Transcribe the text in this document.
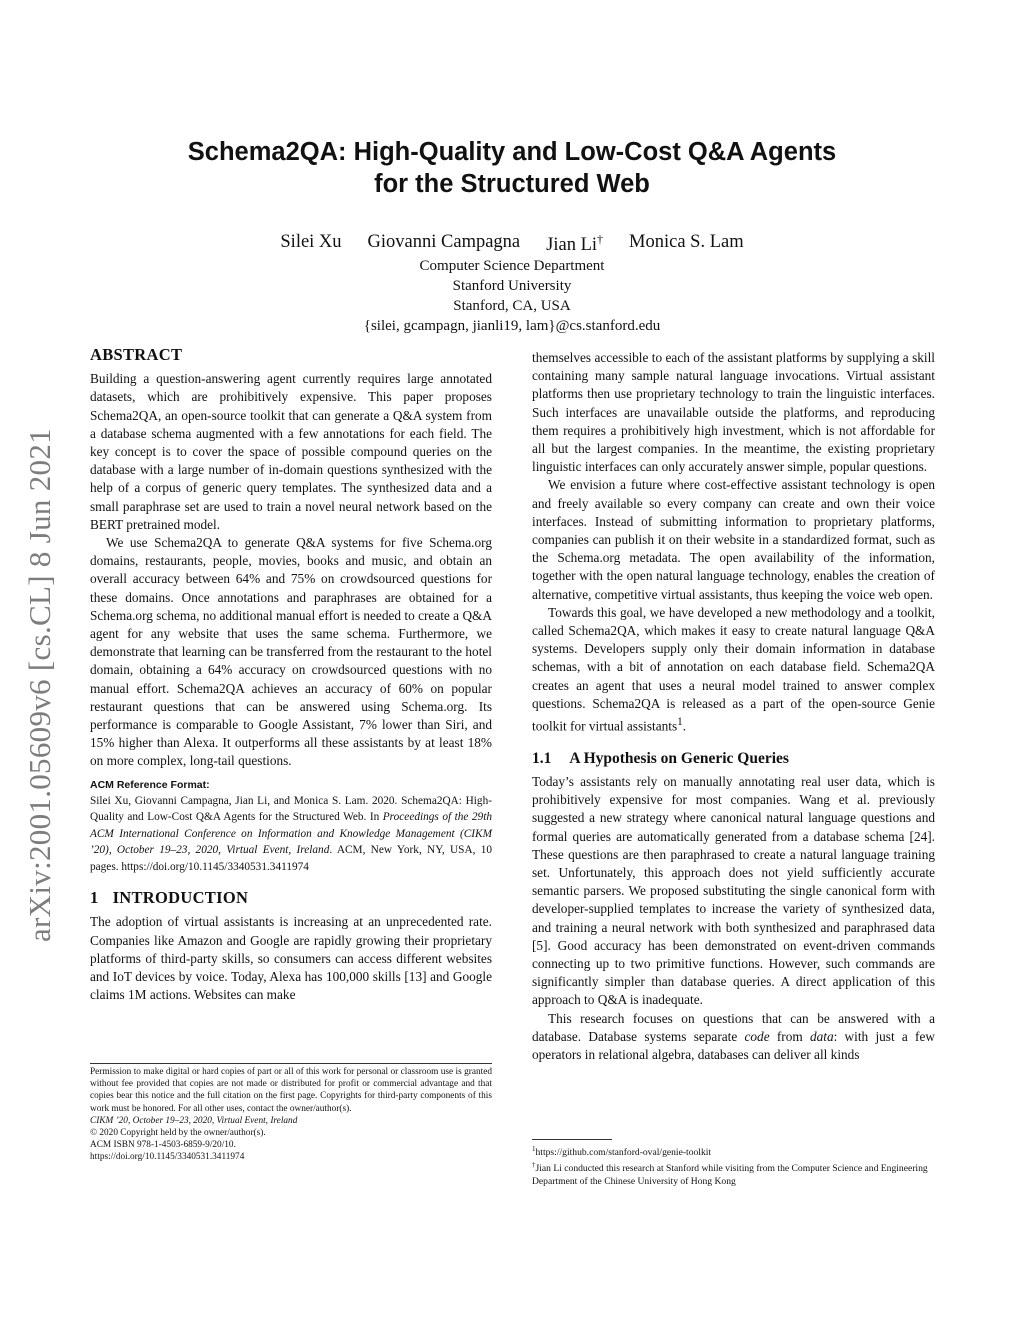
Schema2QA: High-Quality and Low-Cost Q&A Agents
for the Structured Web
Silei Xu Giovanni Campagna Jian Li† Monica S. Lam
Computer Science Department
Stanford University
Stanford, CA, USA
{silei, gcampagn, jianli19, lam}@cs.stanford.edu
arXiv:2001.05609v6 [cs.CL] 8 Jun 2021
ABSTRACT

Building a question-answering agent currently requires large annotated datasets, which are prohibitively expensive. This paper proposes Schema2QA, an open-source toolkit that can generate a Q&A system from a database schema augmented with a few annotations for each field. The key concept is to cover the space of possible compound queries on the database with a large number of in-domain questions synthesized with the help of a corpus of generic query templates. The synthesized data and a small paraphrase set are used to train a novel neural network based on the BERT pretrained model.

We use Schema2QA to generate Q&A systems for five Schema.org domains, restaurants, people, movies, books and music, and obtain an overall accuracy between 64% and 75% on crowdsourced questions for these domains. Once annotations and paraphrases are obtained for a Schema.org schema, no additional manual effort is needed to create a Q&A agent for any website that uses the same schema. Furthermore, we demonstrate that learning can be transferred from the restaurant to the hotel domain, obtaining a 64% accuracy on crowdsourced questions with no manual effort. Schema2QA achieves an accuracy of 60% on popular restaurant questions that can be answered using Schema.org. Its performance is comparable to Google Assistant, 7% lower than Siri, and 15% higher than Alexa. It outperforms all these assistants by at least 18% on more complex, long-tail questions.

ACM Reference Format:
Silei Xu, Giovanni Campagna, Jian Li, and Monica S. Lam. 2020. Schema2QA: High-Quality and Low-Cost Q&A Agents for the Structured Web. In Proceedings of the 29th ACM International Conference on Information and Knowledge Management (CIKM ’20), October 19–23, 2020, Virtual Event, Ireland. ACM, New York, NY, USA, 10 pages. https://doi.org/10.1145/3340531.3411974
1 INTRODUCTION

The adoption of virtual assistants is increasing at an unprecedented rate. Companies like Amazon and Google are rapidly growing their proprietary platforms of third-party skills, so consumers can access different websites and IoT devices by voice. Today, Alexa has 100,000 skills [13] and Google claims 1M actions. Websites can make

Permission to make digital or hard copies of part or all of this work for personal or classroom use is granted without fee provided that copies are not made or distributed for profit or commercial advantage and that copies bear this notice and the full citation on the first page. Copyrights for third-party components of this work must be honored. For all other uses, contact the owner/author(s).

CIKM ’20, October 19–23, 2020, Virtual Event, Ireland

© 2020 Copyright held by the owner/author(s).

ACM ISBN 978-1-4503-6859-9/20/10.

https://doi.org/10.1145/3340531.3411974

themselves accessible to each of the assistant platforms by supplying a skill containing many sample natural language invocations. Virtual assistant platforms then use proprietary technology to train the linguistic interfaces. Such interfaces are unavailable outside the platforms, and reproducing them requires a prohibitively high investment, which is not affordable for all but the largest companies. In the meantime, the existing proprietary linguistic interfaces can only accurately answer simple, popular questions.

We envision a future where cost-effective assistant technology is open and freely available so every company can create and own their voice interfaces. Instead of submitting information to proprietary platforms, companies can publish it on their website in a standardized format, such as the Schema.org metadata. The open availability of the information, together with the open natural language technology, enables the creation of alternative, competitive virtual assistants, thus keeping the voice web open.

Towards this goal, we have developed a new methodology and a toolkit, called Schema2QA, which makes it easy to create natural language Q&A systems. Developers supply only their domain information in database schemas, with a bit of annotation on each database field. Schema2QA creates an agent that uses a neural model trained to answer complex questions. Schema2QA is released as a part of the open-source Genie toolkit for virtual assistants$^1$.

1.1 A Hypothesis on Generic Queries

Today’s assistants rely on manually annotating real user data, which is prohibitively expensive for most companies. Wang et al. previously suggested a new strategy where canonical natural language questions and formal queries are automatically generated from a database schema [24]. These questions are then paraphrased to create a natural language training set. Unfortunately, this approach does not yield sufficiently accurate semantic parsers. We proposed substituting the single canonical form with developer-supplied templates to increase the variety of synthesized data, and training a neural network with both synthesized and paraphrased data [5]. Good accuracy has been demonstrated on event-driven commands connecting up to two primitive functions. However, such commands are significantly simpler than database queries. A direct application of this approach to Q&A is inadequate.

This research focuses on questions that can be answered with a database. Database systems separate code from data: with just a few operators in relational algebra, databases can deliver all kinds

$^1$https://github.com/stanford-oval/genie-toolkit

†Jian Li conducted this research at Stanford while visiting from the Computer Science and Engineering Department of the Chinese University of Hong Kong
